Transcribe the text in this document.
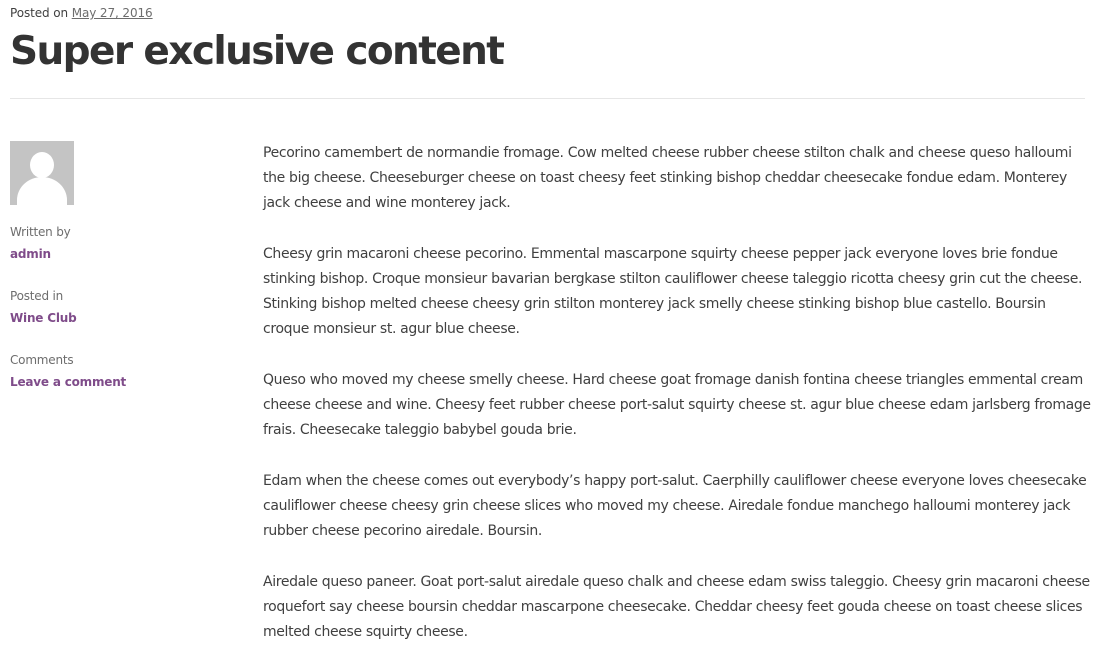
Posted on May 27, 2016
Super exclusive content
Written by
admin
Posted in
Wine Club
Comments
Leave a comment

Pecorino camembert de normandie fromage. Cow melted cheese rubber cheese stilton chalk and cheese queso halloumi the big cheese. Cheeseburger cheese on toast cheesy feet stinking bishop cheddar cheesecake fondue edam. Monterey jack cheese and wine monterey jack.

Cheesy grin macaroni cheese pecorino. Emmental mascarpone squirty cheese pepper jack everyone loves brie fondue stinking bishop. Croque monsieur bavarian bergkase stilton cauliflower cheese taleggio ricotta cheesy grin cut the cheese. Stinking bishop melted cheese cheesy grin stilton monterey jack smelly cheese stinking bishop blue castello. Boursin croque monsieur st. agur blue cheese.

Queso who moved my cheese smelly cheese. Hard cheese goat fromage danish fontina cheese triangles emmental cream cheese cheese and wine. Cheesy feet rubber cheese port-salut squirty cheese st. agur blue cheese edam jarlsberg fromage frais. Cheesecake taleggio babybel gouda brie.

Edam when the cheese comes out everybody’s happy port-salut. Caerphilly cauliflower cheese everyone loves cheesecake cauliflower cheese cheesy grin cheese slices who moved my cheese. Airedale fondue manchego halloumi monterey jack rubber cheese pecorino airedale. Boursin.

Airedale queso paneer. Goat port-salut airedale queso chalk and cheese edam swiss taleggio. Cheesy grin macaroni cheese roquefort say cheese boursin cheddar mascarpone cheesecake. Cheddar cheesy feet gouda cheese on toast cheese slices melted cheese squirty cheese.
